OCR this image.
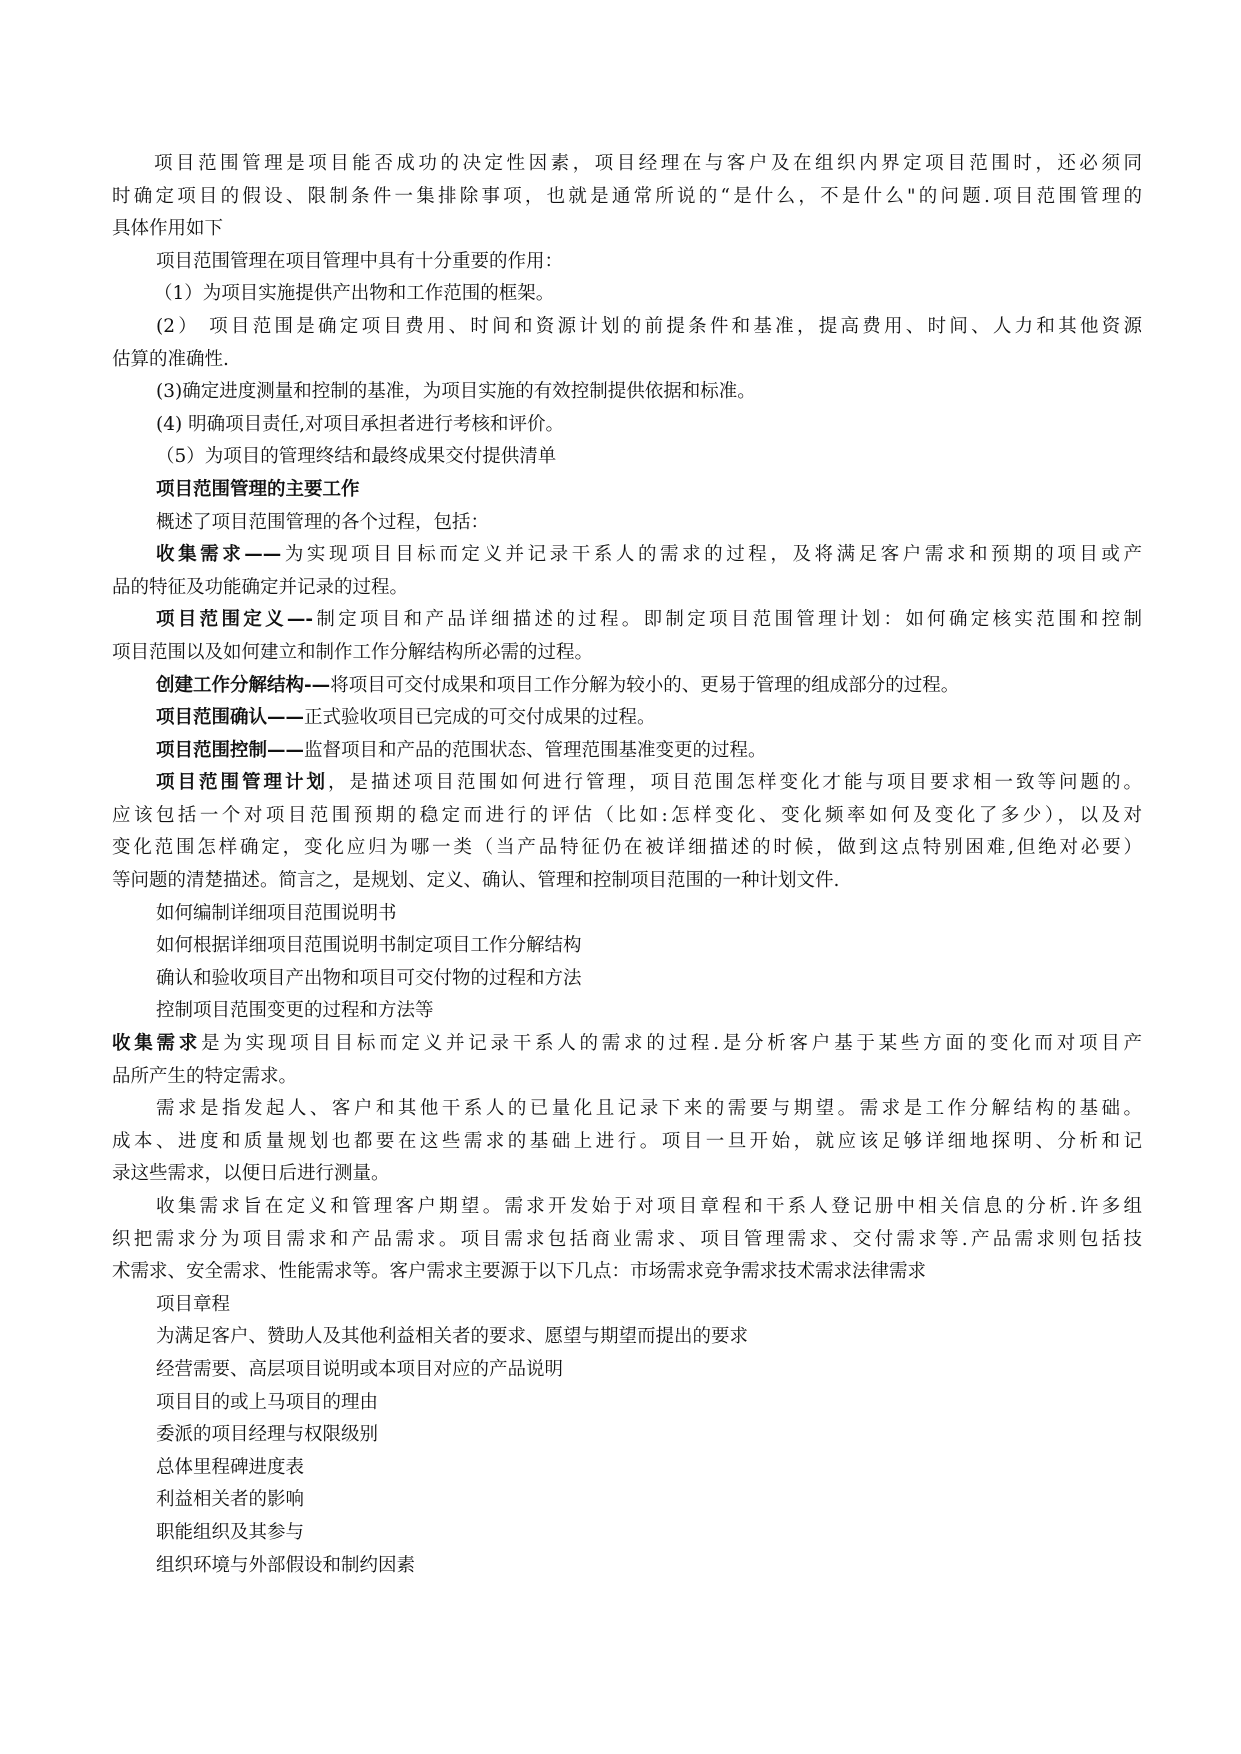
项目范围管理是项目能否成功的决定性因素，项目经理在与客户及在组织内界定项目范围时，还必须同

时确定项目的假设、限制条件一集排除事项，也就是通常所说的“是什么，不是什么"的问题.项目范围管理的

具体作用如下

项目范围管理在项目管理中具有十分重要的作用：

（1）为项目实施提供产出物和工作范围的框架。

(2） 项目范围是确定项目费用、时间和资源计划的前提条件和基准，提高费用、时间、人力和其他资源

估算的准确性.

(3)确定进度测量和控制的基准，为项目实施的有效控制提供依据和标准。

(4) 明确项目责任,对项目承担者进行考核和评价。

（5）为项目的管理终结和最终成果交付提供清单

项目范围管理的主要工作

概述了项目范围管理的各个过程，包括：

收集需求——为实现项目目标而定义并记录干系人的需求的过程，及将满足客户需求和预期的项目或产

品的特征及功能确定并记录的过程。

项目范围定义—-制定项目和产品详细描述的过程。即制定项目范围管理计划：如何确定核实范围和控制

项目范围以及如何建立和制作工作分解结构所必需的过程。

创建工作分解结构-—将项目可交付成果和项目工作分解为较小的、更易于管理的组成部分的过程。

项目范围确认——正式验收项目已完成的可交付成果的过程。

项目范围控制——监督项目和产品的范围状态、管理范围基准变更的过程。

项目范围管理计划，是描述项目范围如何进行管理，项目范围怎样变化才能与项目要求相一致等问题的。

应该包括一个对项目范围预期的稳定而进行的评估（比如:怎样变化、变化频率如何及变化了多少），以及对

变化范围怎样确定，变化应归为哪一类（当产品特征仍在被详细描述的时候，做到这点特别困难,但绝对必要）

等问题的清楚描述。简言之，是规划、定义、确认、管理和控制项目范围的一种计划文件.

如何编制详细项目范围说明书

如何根据详细项目范围说明书制定项目工作分解结构

确认和验收项目产出物和项目可交付物的过程和方法

控制项目范围变更的过程和方法等

收集需求是为实现项目目标而定义并记录干系人的需求的过程.是分析客户基于某些方面的变化而对项目产

品所产生的特定需求。

需求是指发起人、客户和其他干系人的已量化且记录下来的需要与期望。需求是工作分解结构的基础。

成本、进度和质量规划也都要在这些需求的基础上进行。项目一旦开始，就应该足够详细地探明、分析和记

录这些需求，以便日后进行测量。

收集需求旨在定义和管理客户期望。需求开发始于对项目章程和干系人登记册中相关信息的分析.许多组

织把需求分为项目需求和产品需求。项目需求包括商业需求、项目管理需求、交付需求等.产品需求则包括技

术需求、安全需求、性能需求等。客户需求主要源于以下几点：市场需求竞争需求技术需求法律需求

项目章程

为满足客户、赞助人及其他利益相关者的要求、愿望与期望而提出的要求

经营需要、高层项目说明或本项目对应的产品说明

项目目的或上马项目的理由

委派的项目经理与权限级别

总体里程碑进度表

利益相关者的影响

职能组织及其参与

组织环境与外部假设和制约因素
